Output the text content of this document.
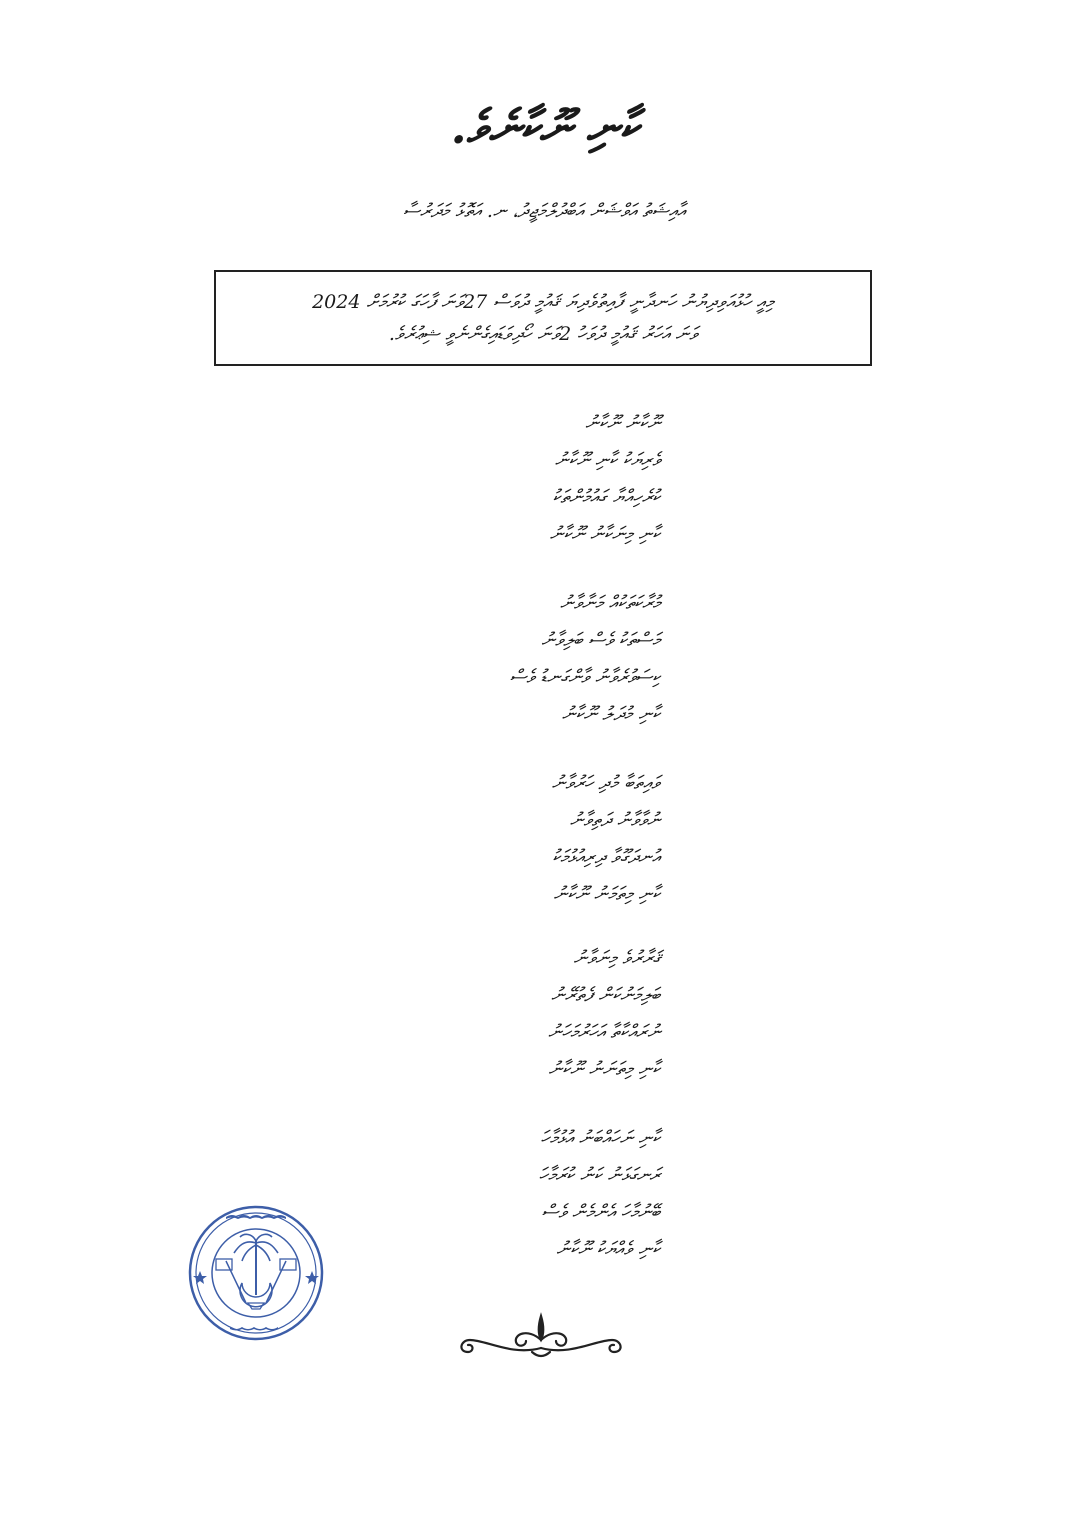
ކާނި ނޫކާނެވެ.
އާއިޝަތު އަވްޝަން އަބްދުލްމަޖީދު، ނ. އަތޮޅު މަދަރުސާ
މިއީ ހުޅުއަވިދިޔުނު ހަނދާނީ ފާއިތުވެދިޔަ ޤައުމީ ދުވަސް 27ވަނަ ފާހަގަ ކުރުމަށް 2024
ވަނަ އަހަރު ޤައުމީ ދުވަހު 2ވަނަ ހޯދިވަޑައިގެންނެވީ ޝިޢުރެވެ.
ނޫކާނު ނޫކާނު
ވެރިޔަކު ކާނި ނޫކާނު
ކުރެހިއްޔާ ގައުމުންތަކު
ކާނި މިނަކާނު ނޫކާނު
މުރާކަތަކުއް މަނާވާނު
މަސްތަކު ވެސް ބަލިވާނު
ކިސަވުރެވާނު ވާންގަނޑު ވެސް
ކާނި މުދަލު ނޫކާނު
ވައިތަބާ މުދި ހަރުވާނު
ނުވާވާނު ދަތިވާނު
އުނދަގޫވާ ދިރިއުޅުމަކު
ކާނި މިތަމަނު ނޫކާނު
ޤަރާރުވެ މިނަވާނު
ބަލިމަނުކަން ފެތުރޭނު
ނުރައްކާތާ އަހަރުމަހަނު
ކާނި މިތަނަނު ނޫކާނު
ކާނި ނަހައްބަނު އުޅުމާހަ
ރަނގަޅަނު ކަނު ކުރަމާހަ
ބޭނުމާހަ އެންމެން ވެސް
ކާނި ވެއްޔަކު ނޫކާނު
